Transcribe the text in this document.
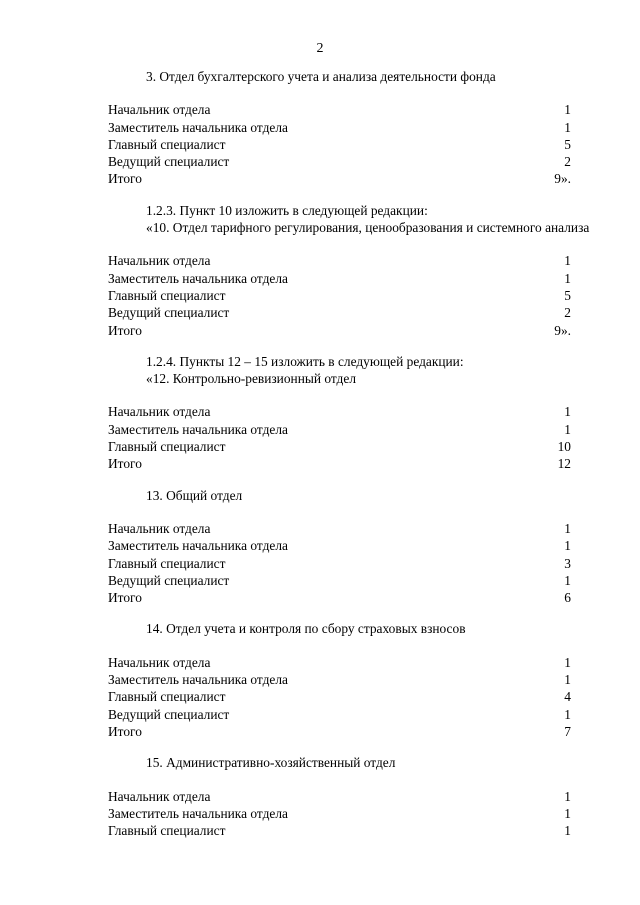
2
3. Отдел бухгалтерского учета и анализа деятельности фонда
Начальник отдела	1
Заместитель начальника отдела	1
Главный специалист	5
Ведущий специалист	2
Итого	9».
1.2.3. Пункт 10 изложить в следующей редакции:
«10. Отдел тарифного регулирования, ценообразования и системного анализа
Начальник отдела	1
Заместитель начальника отдела	1
Главный специалист	5
Ведущий специалист	2
Итого	9».
1.2.4. Пункты 12 – 15 изложить в следующей редакции:
«12. Контрольно-ревизионный отдел
Начальник отдела	1
Заместитель начальника отдела	1
Главный специалист	10
Итого	12
13. Общий отдел
Начальник отдела	1
Заместитель начальника отдела	1
Главный специалист	3
Ведущий специалист	1
Итого	6
14. Отдел учета и контроля по сбору страховых взносов
Начальник отдела	1
Заместитель начальника отдела	1
Главный специалист	4
Ведущий специалист	1
Итого	7
15. Административно-хозяйственный отдел
Начальник отдела	1
Заместитель начальника отдела	1
Главный специалист	1
